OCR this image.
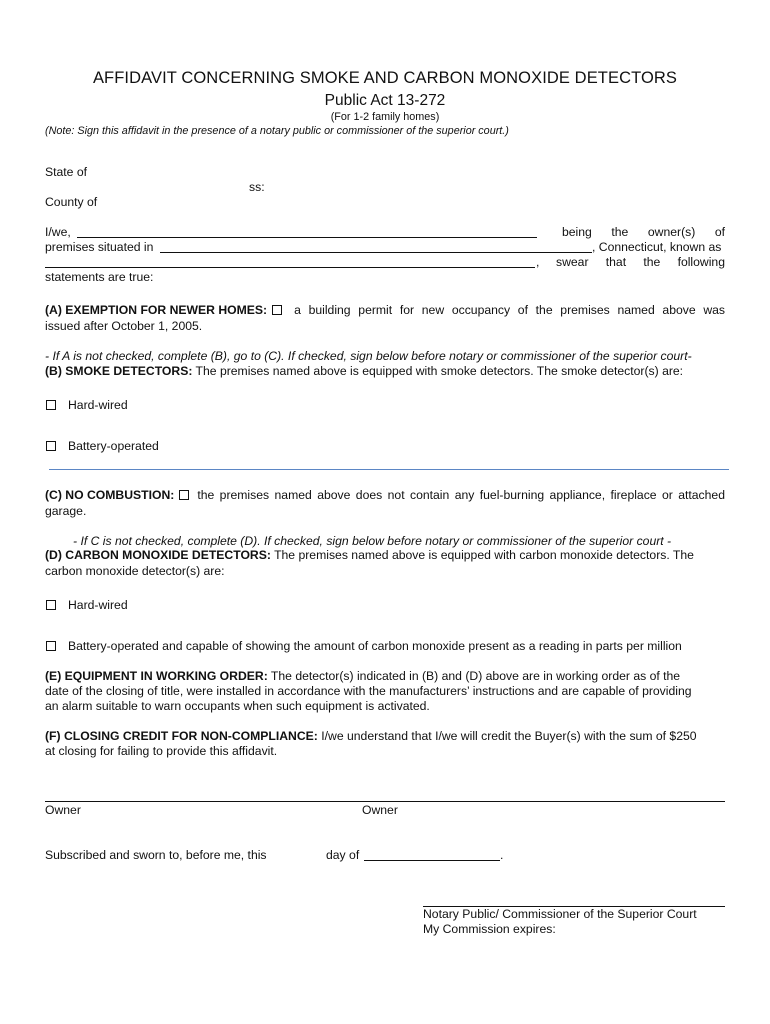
AFFIDAVIT CONCERNING SMOKE AND CARBON MONOXIDE DETECTORS
Public Act 13-272
(For 1-2 family homes)
(Note: Sign this affidavit in the presence of a notary public or commissioner of the superior court.)
State of
ss:
County of
I/we,	being the owner(s) of
premises situated in	, Connecticut, known as
, swear that the following
statements are true:
(A) EXEMPTION FOR NEWER HOMES:	a building permit for new occupancy of the premises named above was
issued after October 1, 2005.
- If A is not checked, complete (B), go to (C). If checked, sign below before notary or commissioner of the superior court-
(B) SMOKE DETECTORS: The premises named above is equipped with smoke detectors. The smoke detector(s) are:
Hard-wired
Battery-operated
(C) NO COMBUSTION:	the premises named above does not contain any fuel-burning appliance, fireplace or attached
garage.
- If C is not checked, complete (D). If checked, sign below before notary or commissioner of the superior court -
(D) CARBON MONOXIDE DETECTORS: The premises named above is equipped with carbon monoxide detectors. The
carbon monoxide detector(s) are:
Hard-wired
Battery-operated and capable of showing the amount of carbon monoxide present as a reading in parts per million
(E) EQUIPMENT IN WORKING ORDER: The detector(s) indicated in (B) and (D) above are in working order as of the
date of the closing of title, were installed in accordance with the manufacturers’ instructions and are capable of providing
an alarm suitable to warn occupants when such equipment is activated.
(F) CLOSING CREDIT FOR NON-COMPLIANCE: I/we understand that I/we will credit the Buyer(s) with the sum of $250
at closing for failing to provide this affidavit.
Owner	Owner
Subscribed and sworn to, before me, this	day of	.
Notary Public/ Commissioner of the Superior Court
My Commission expires:
